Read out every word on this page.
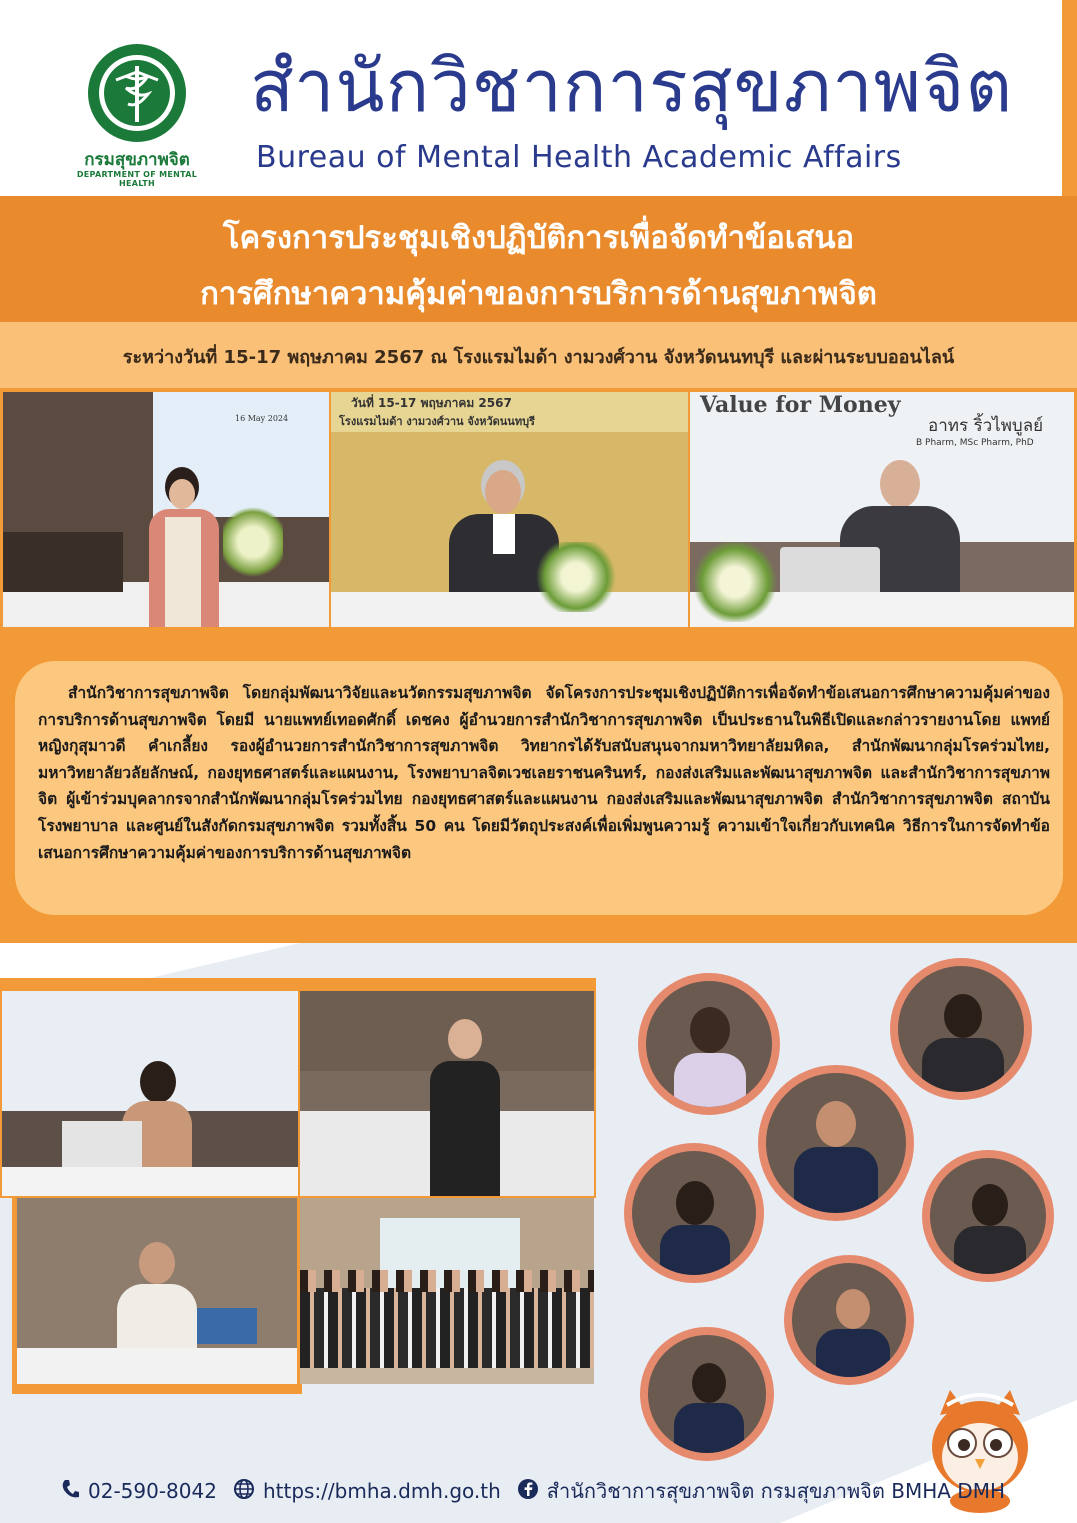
กรมสุขภาพจิต
DEPARTMENT OF MENTAL HEALTH
สำนักวิชาการสุขภาพจิต
Bureau of Mental Health Academic Affairs
โครงการประชุมเชิงปฏิบัติการเพื่อจัดทำข้อเสนอ
การศึกษาความคุ้มค่าของการบริการด้านสุขภาพจิต
ระหว่างวันที่ 15-17 พฤษภาคม 2567 ณ โรงแรมไมด้า งามวงศ์วาน จังหวัดนนทบุรี และผ่านระบบออนไลน์
16 May 2024
วันที่ 15-17 พฤษภาคม 2567
โรงแรมไมด้า งามวงศ์วาน จังหวัดนนทบุรี
Value for Money
อาทร ริ้วไพบูลย์
B Pharm, MSc Pharm, PhD
สำนักวิชาการสุขภาพจิต โดยกลุ่มพัฒนาวิจัยและนวัตกรรมสุขภาพจิต จัดโครงการประชุมเชิงปฏิบัติการเพื่อจัดทำข้อเสนอการศึกษาความคุ้มค่าของการบริการด้านสุขภาพจิต โดยมี นายแพทย์เทอดศักดิ์ เดชคง ผู้อำนวยการสำนักวิชาการสุขภาพจิต เป็นประธานในพิธีเปิดและกล่าวรายงานโดย แพทย์หญิงกุสุมาวดี คำเกลี้ยง รองผู้อำนวยการสำนักวิชาการสุขภาพจิต วิทยากรได้รับสนับสนุนจากมหาวิทยาลัยมหิดล, สำนักพัฒนากลุ่มโรคร่วมไทย, มหาวิทยาลัยวลัยลักษณ์, กองยุทธศาสตร์และแผนงาน, โรงพยาบาลจิตเวชเลยราชนครินทร์, กองส่งเสริมและพัฒนาสุขภาพจิต และสำนักวิชาการสุขภาพจิต ผู้เข้าร่วมบุคลากรจากสำนักพัฒนากลุ่มโรคร่วมไทย กองยุทธศาสตร์และแผนงาน กองส่งเสริมและพัฒนาสุขภาพจิต สำนักวิชาการสุขภาพจิต สถาบันโรงพยาบาล และศูนย์ในสังกัดกรมสุขภาพจิต รวมทั้งสิ้น 50 คน โดยมีวัตถุประสงค์เพื่อเพิ่มพูนความรู้ ความเข้าใจเกี่ยวกับเทคนิค วิธีการในการจัดทำข้อเสนอการศึกษาความคุ้มค่าของการบริการด้านสุขภาพจิต
02-590-8042 https://bmha.dmh.go.th สำนักวิชาการสุขภาพจิต กรมสุขภาพจิต BMHA DMH
